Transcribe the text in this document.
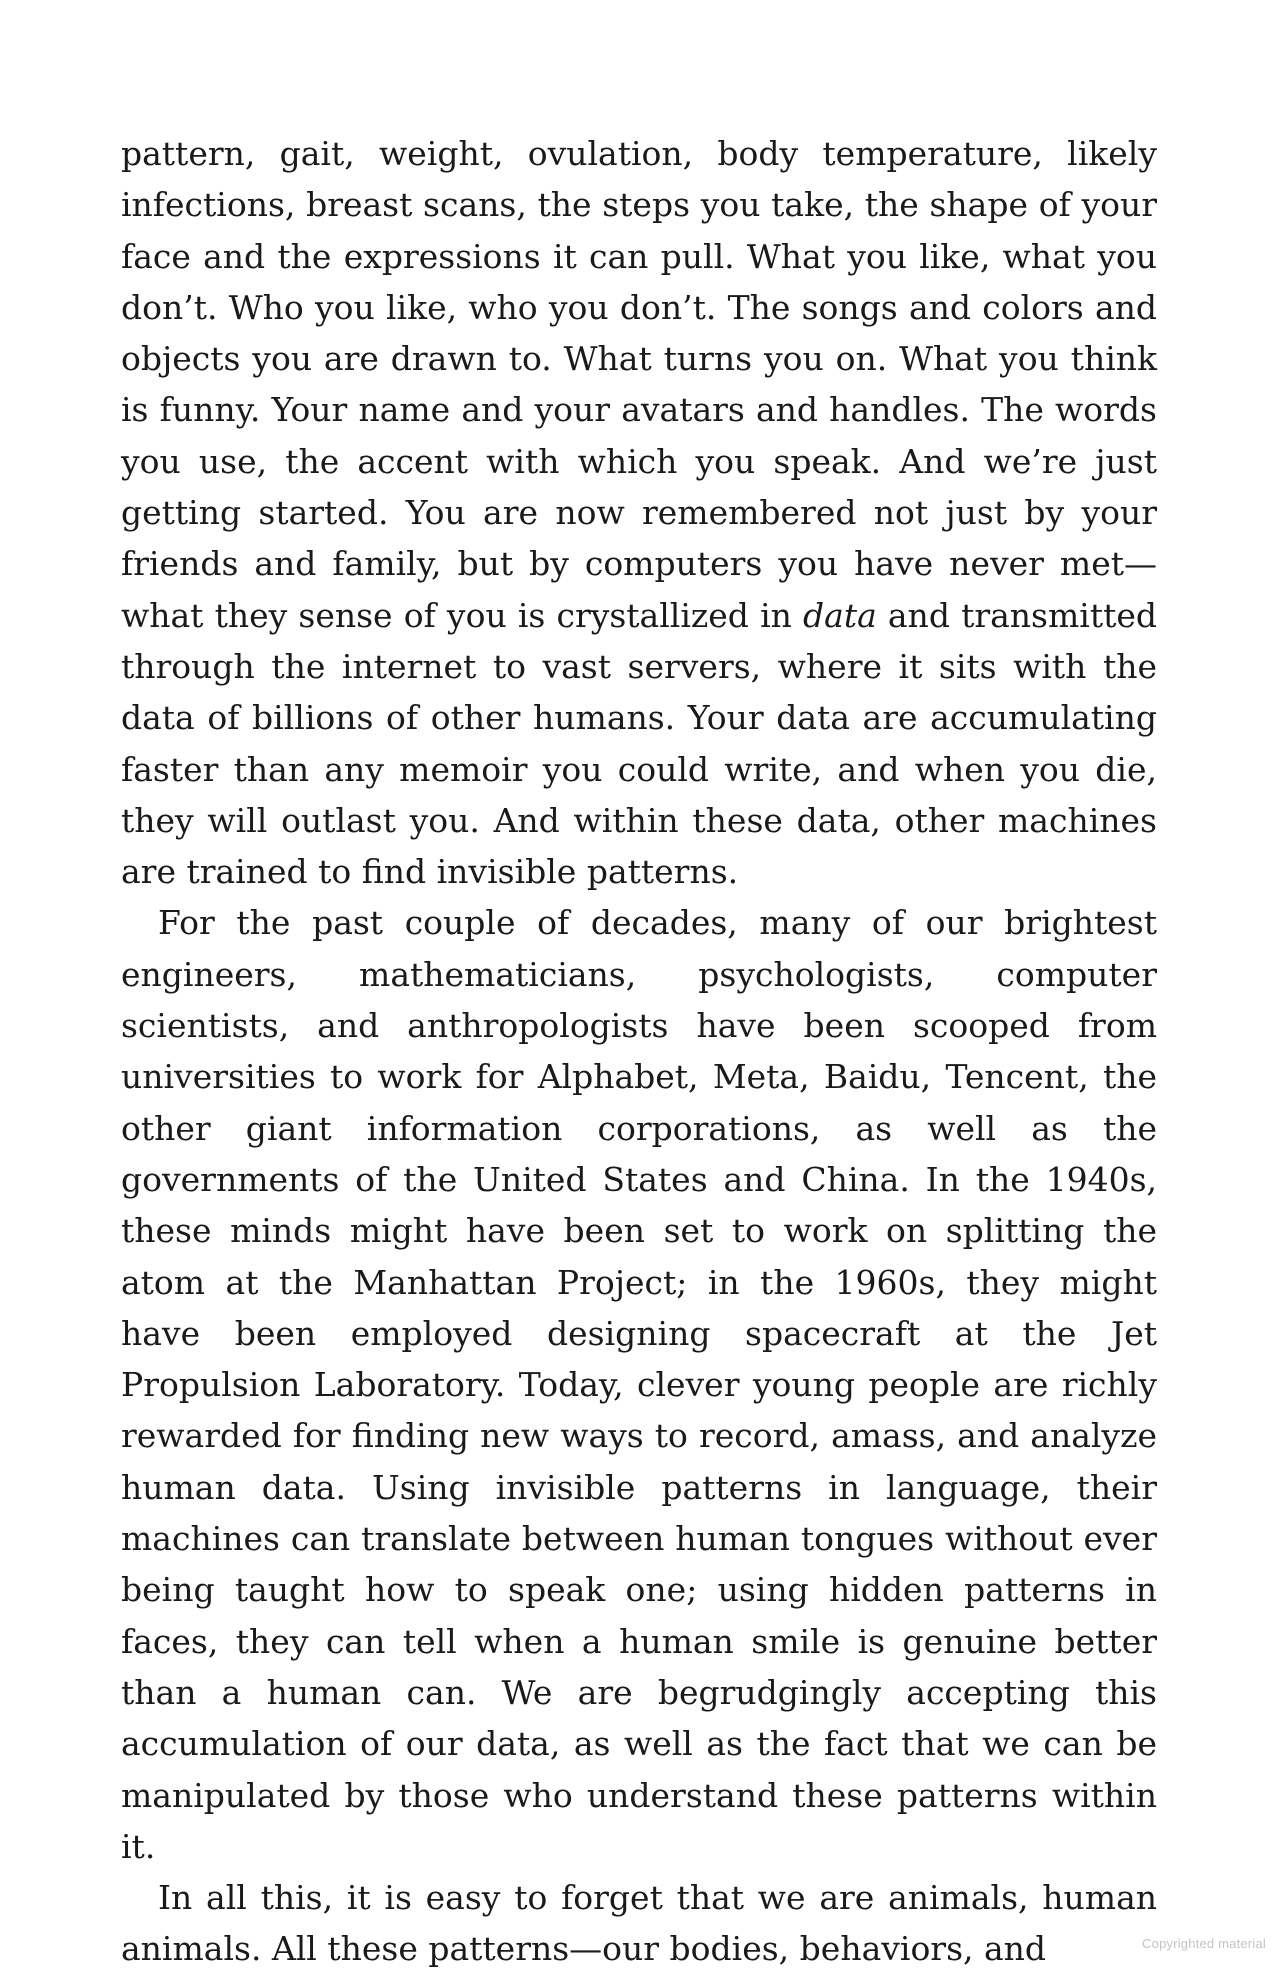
pattern, gait, weight, ovulation, body temperature, likely infections, breast scans, the steps you take, the shape of your face and the expressions it can pull. What you like, what you don’t. Who you like, who you don’t. The songs and colors and objects you are drawn to. What turns you on. What you think is funny. Your name and your avatars and handles. The words you use, the accent with which you speak. And we’re just getting started. You are now remembered not just by your friends and family, but by computers you have never met—what they sense of you is crystallized in data and transmitted through the internet to vast servers, where it sits with the data of billions of other humans. Your data are accumulating faster than any memoir you could write, and when you die, they will outlast you. And within these data, other machines are trained to find invisible patterns.

For the past couple of decades, many of our brightest engineers, mathematicians, psychologists, computer scientists, and anthropologists have been scooped from universities to work for Alphabet, Meta, Baidu, Tencent, the other giant information corporations, as well as the governments of the United States and China. In the 1940s, these minds might have been set to work on splitting the atom at the Manhattan Project; in the 1960s, they might have been employed designing spacecraft at the Jet Propulsion Laboratory. Today, clever young people are richly rewarded for finding new ways to record, amass, and analyze human data. Using invisible patterns in language, their machines can translate between human tongues without ever being taught how to speak one; using hidden patterns in faces, they can tell when a human smile is genuine better than a human can. We are begrudgingly accepting this accumulation of our data, as well as the fact that we can be manipulated by those who understand these patterns within it.

In all this, it is easy to forget that we are animals, human animals. All these patterns—our bodies, behaviors, and	Copyrighted material
